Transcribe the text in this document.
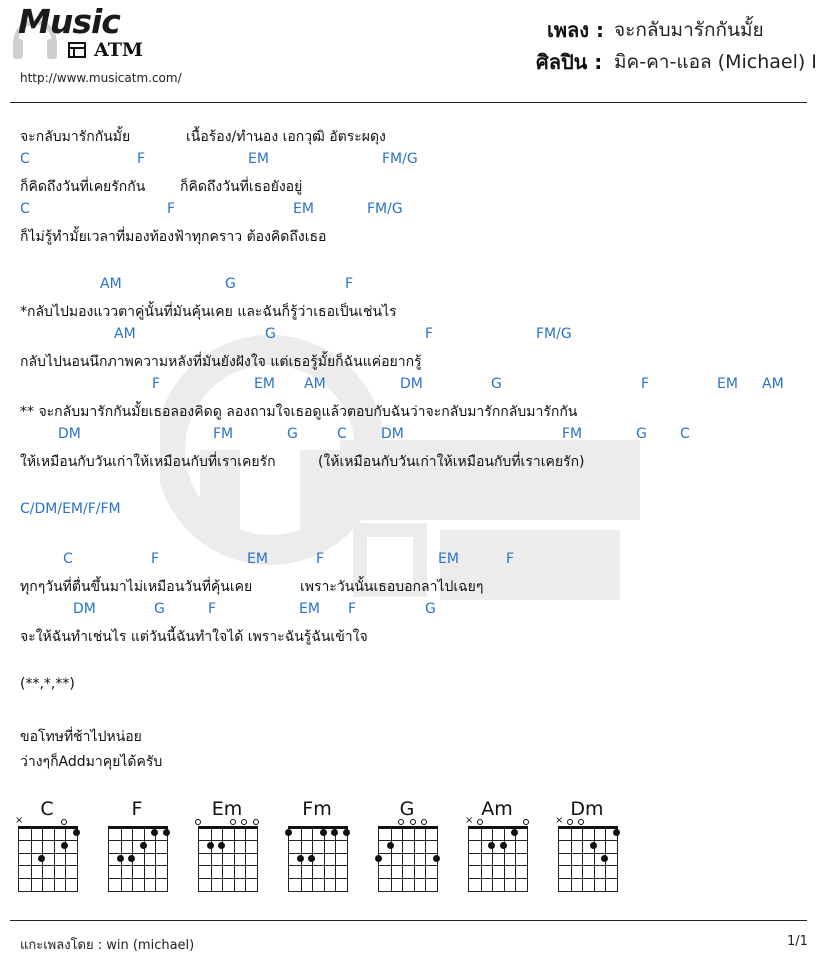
Music
ATM
http://www.musicatm.com/
เพลง : จะกลับมารักกันมั้ย
ศิลปิน : มิค-คา-แอล (Michael) I
จะกลับมารักกันมั้ย	เนื้อร้อง/ทำนอง เอกวุฒิ อัตระผดุง
C	F	EM	FM/G
ก็คิดถึงวันที่เคยรักกัน ก็คิดถึงวันที่เธอยังอยู่
C	F	EM	FM/G
ก็ไม่รู้ทำมั้ยเวลาที่มองท้องฟ้าทุกคราว ต้องคิดถึงเธอ
AM	G	F
*กลับไปมองแววตาคู่นั้นที่มันคุ้นเคย และฉันก็รู้ว่าเธอเป็นเช่นไร
AM	G	F	FM/G
กลับไปนอนนึกภาพความหลังที่มันยังฝังใจ แต่เธอรู้มั้ยก็ฉันแค่อยากรู้
F	EM AM	DM	G	F	EM AM
** จะกลับมารักกันมั้ยเธอลองคิดดู ลองถามใจเธอดูแล้วตอบกับฉันว่าจะกลับมารักกลับมารักกัน
DM	FM	G	C DM	FM	G C
ให้เหมือนกับวันเก่าให้เหมือนกับที่เราเคยรัก	(ให้เหมือนกับวันเก่าให้เหมือนกับที่เราเคยรัก)
C/DM/EM/F/FM
C	F	EM	F	EM	F
ทุกๆวันที่ตื่นขึ้นมาไม่เหมือนวันที่คุ้นเคย	เพราะวันนั้นเธอบอกลาไปเฉยๆ
DM	G	F	EM F	G
จะให้ฉันทำเช่นไร แต่วันนี้ฉันทำใจได้ เพราะฉันรู้ฉันเข้าใจ
(**,*,**)
ขอโทษที่ช้าไปหน่อย
ว่างๆก็Addมาคุยได้ครับ
C
×
F	Em	Fm	G	Am
×
Dm
×
แกะเพลงโดย : win (michael)	1/1
